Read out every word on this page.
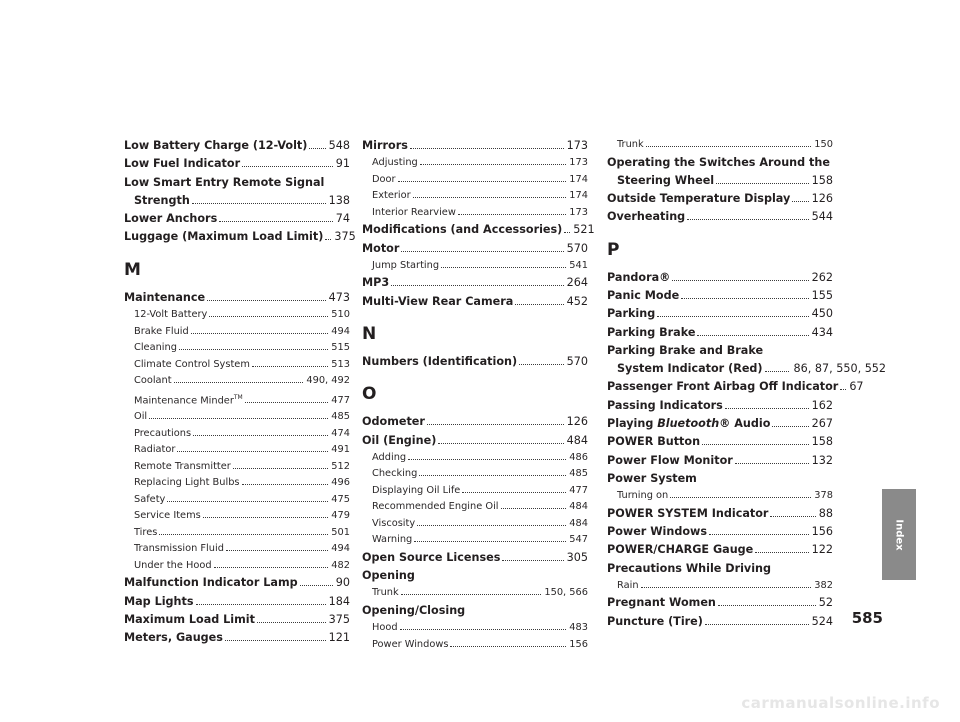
Low Battery Charge (12-Volt) 548
Low Fuel Indicator	91
Low Smart Entry Remote Signal
Strength	138
Lower Anchors	74
Luggage (Maximum Load Limit) 375
M
Maintenance	473
12-Volt Battery	510
Brake Fluid	494
Cleaning	515
Climate Control System	513
Coolant	490, 492
Maintenance Minder™	477
Oil	485
Precautions	474
Radiator	491
Remote Transmitter	512
Replacing Light Bulbs	496
Safety	475
Service Items	479
Tires	501
Transmission Fluid	494
Under the Hood	482
Malfunction Indicator Lamp	90
Map Lights	184
Maximum Load Limit	375
Meters, Gauges	121
Mirrors	173
Adjusting	173
Door	174
Exterior	174
Interior Rearview	173
Modifications (and Accessories) 521
Motor	570
Jump Starting	541
MP3	264
Multi-View Rear Camera	452
N
Numbers (Identification)	570
O
Odometer	126
Oil (Engine)	484
Adding	486
Checking	485
Displaying Oil Life	477
Recommended Engine Oil	484
Viscosity	484
Warning	547
Open Source Licenses	305
Opening
Trunk	150, 566
Opening/Closing
Hood	483
Power Windows	156
Trunk	150
Operating the Switches Around the
Steering Wheel	158
Outside Temperature Display 126
Overheating	544
P
Pandora®	262
Panic Mode	155
Parking	450
Parking Brake	434
Parking Brake and Brake
System Indicator (Red)	86, 87, 550, 552
Passenger Front Airbag Off Indicator 67
Passing Indicators	162
Playing Bluetooth® Audio	267
POWER Button	158
Power Flow Monitor	132
Power System
Turning on	378
POWER SYSTEM Indicator	88
Power Windows	156
POWER/CHARGE Gauge	122
Precautions While Driving
Rain	382
Pregnant Women	52
Puncture (Tire)	524
Index
585
carmanualsonline.info
